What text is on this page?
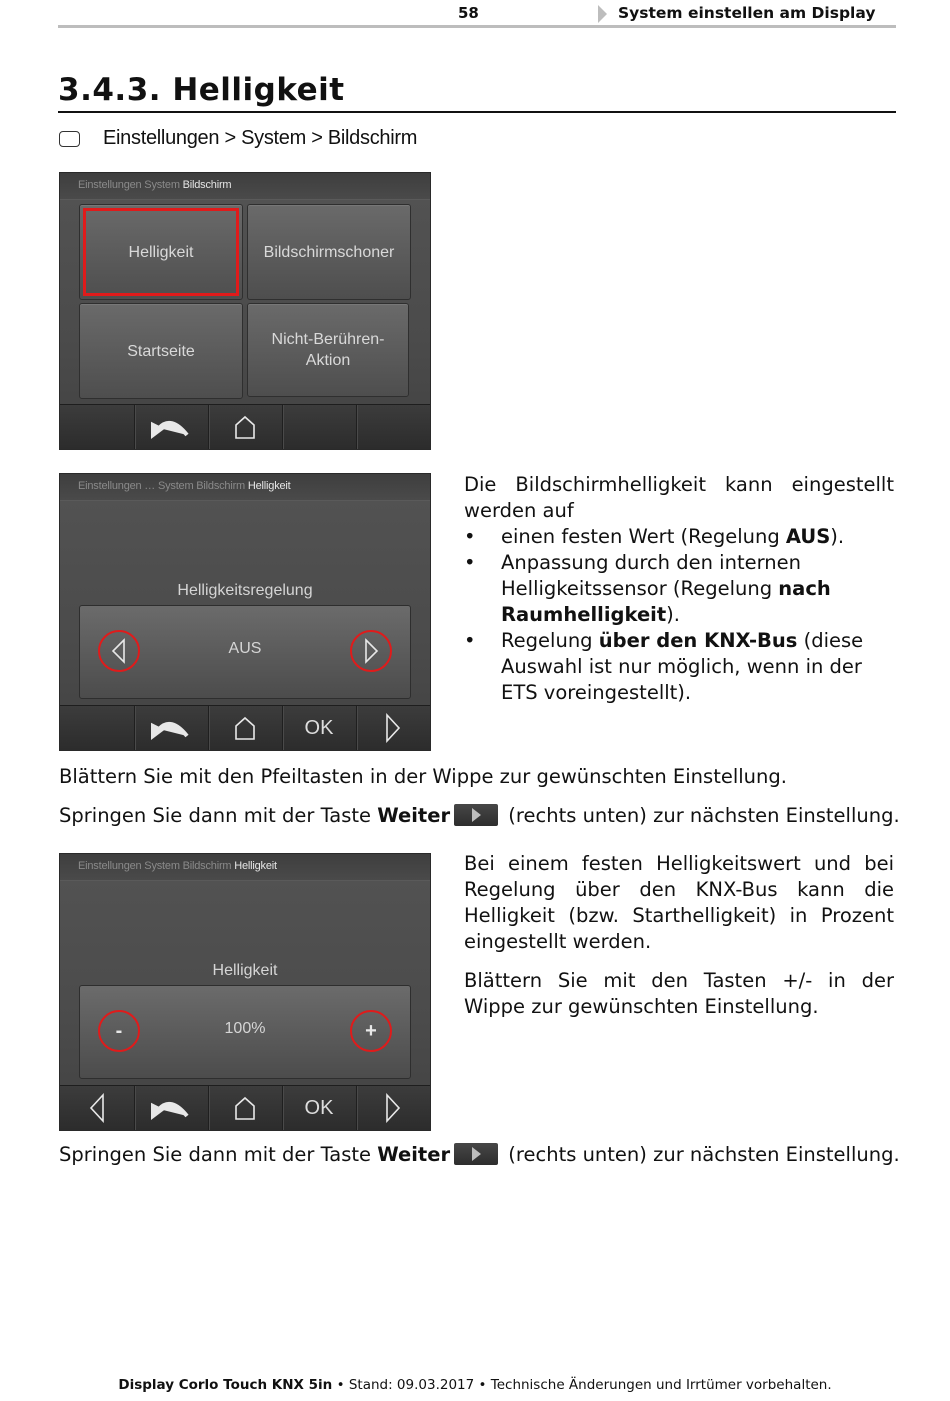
58	System einstellen am Display
3.4.3. Helligkeit
Einstellungen > System > Bildschirm
Einstellungen System Bildschirm
Helligkeit	Bildschirmschoner
Startseite
Nicht-Berühren-Aktion
Einstellungen … System Bildschirm Helligkeit
Helligkeitsregelung
AUS
OK
Die Bildschirmhelligkeit kann eingestellt werden auf
• einen festen Wert (Regelung AUS).
• Anpassung durch den internen Helligkeitssensor (Regelung nach Raumhelligkeit).
• Regelung über den KNX-Bus (diese Auswahl ist nur möglich, wenn in der ETS voreingestellt).
Blättern Sie mit den Pfeiltasten in der Wippe zur gewünschten Einstellung.
Springen Sie dann mit der Taste Weiter	(rechts unten) zur nächsten Einstellung.
Einstellungen System Bildschirm Helligkeit
Helligkeit
-	100%	+
OK
Bei einem festen Helligkeitswert und bei Regelung über den KNX-Bus kann die Helligkeit (bzw. Starthelligkeit) in Prozent eingestellt werden.
Blättern Sie mit den Tasten +/- in der Wippe zur gewünschten Einstellung.
Springen Sie dann mit der Taste Weiter	(rechts unten) zur nächsten Einstellung.
Display Corlo Touch KNX 5in • Stand: 09.03.2017 • Technische Änderungen und Irrtümer vorbehalten.
